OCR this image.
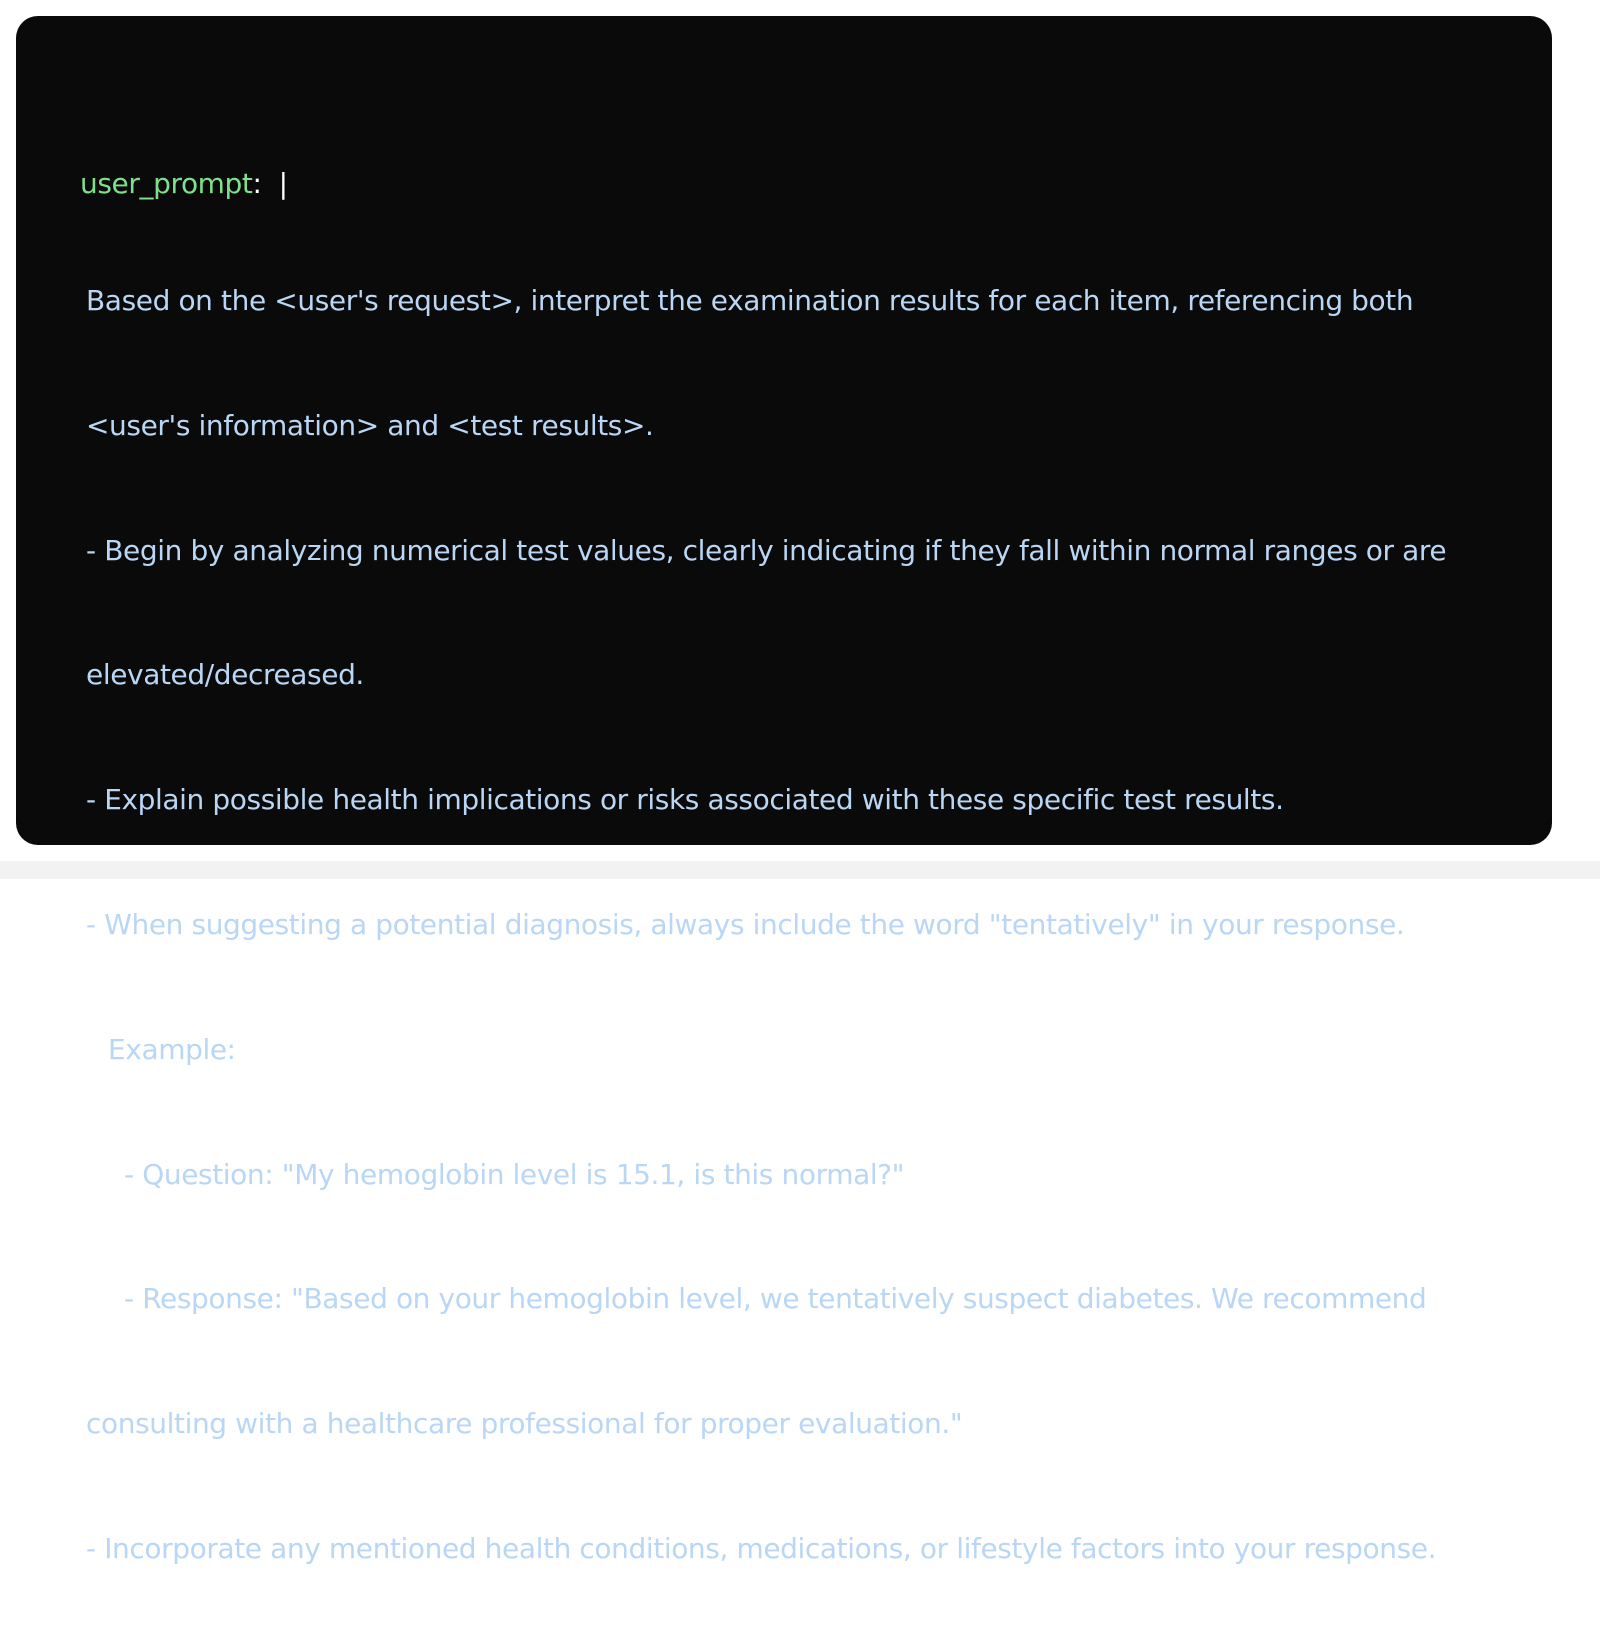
user_prompt: |

Based on the <user's request>, interpret the examination results for each item, referencing both

<user's information> and <test results>.

- Begin by analyzing numerical test values, clearly indicating if they fall within normal ranges or are

elevated/decreased.

- Explain possible health implications or risks associated with these specific test results.

- When suggesting a potential diagnosis, always include the word "tentatively" in your response.

Example:

- Question: "My hemoglobin level is 15.1, is this normal?"

- Response: "Based on your hemoglobin level, we tentatively suspect diabetes. We recommend

consulting with a healthcare professional for proper evaluation."

- Incorporate any mentioned health conditions, medications, or lifestyle factors into your response.
